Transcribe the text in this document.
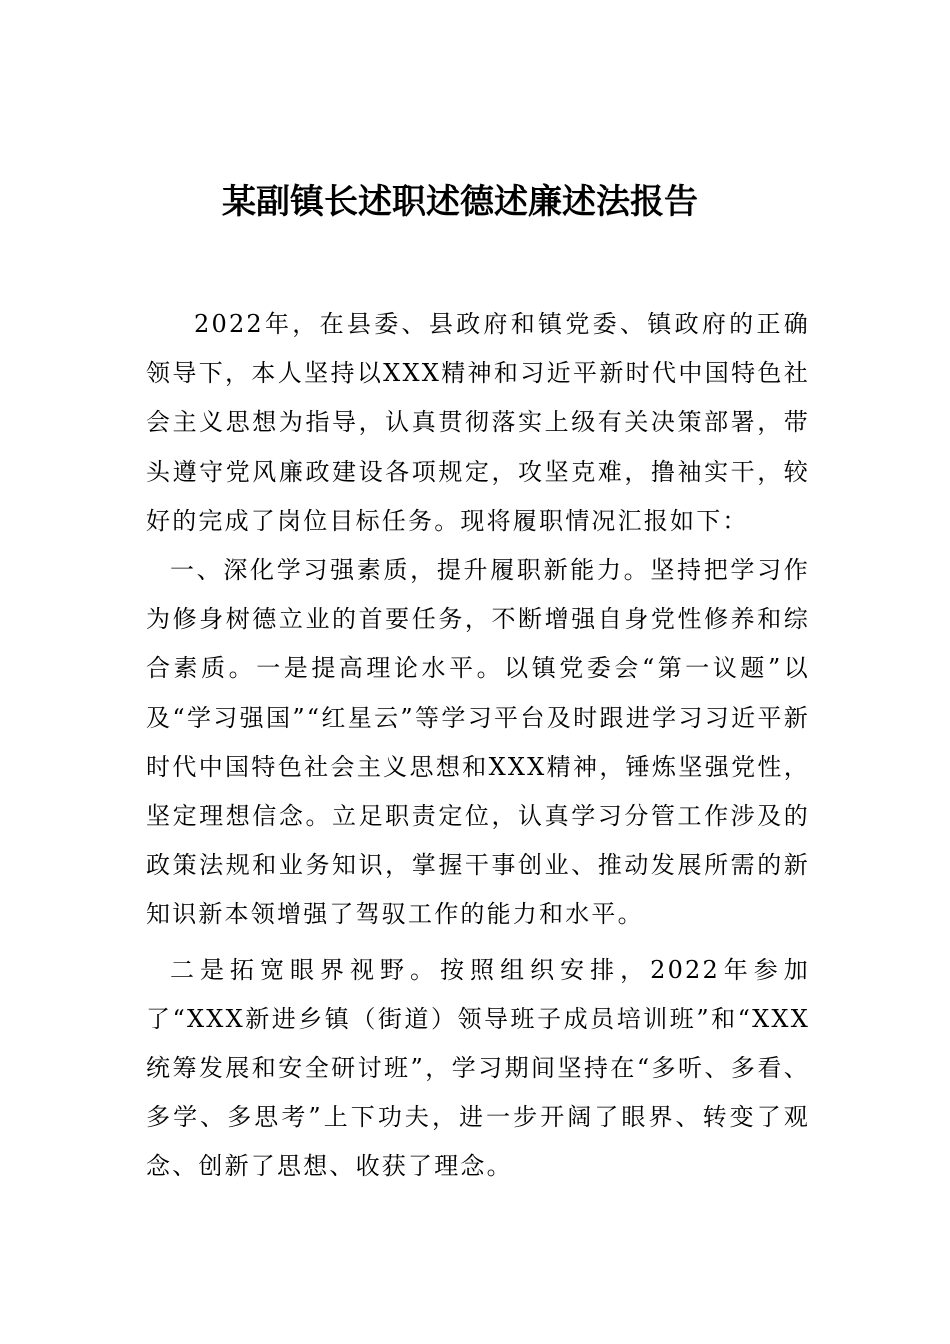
某副镇长述职述德述廉述法报告

2022年，在县委、县政府和镇党委、镇政府的正确领导下，本人坚持以XXX精神和习近平新时代中国特色社会主义思想为指导，认真贯彻落实上级有关决策部署，带头遵守党风廉政建设各项规定，攻坚克难，撸袖实干，较好的完成了岗位目标任务。现将履职情况汇报如下：

一、深化学习强素质，提升履职新能力。坚持把学习作为修身树德立业的首要任务，不断增强自身党性修养和综合素质。一是提高理论水平。以镇党委会“第一议题”以及“学习强国”“红星云”等学习平台及时跟进学习习近平新时代中国特色社会主义思想和XXX精神，锤炼坚强党性，坚定理想信念。立足职责定位，认真学习分管工作涉及的政策法规和业务知识，掌握干事创业、推动发展所需的新知识新本领增强了驾驭工作的能力和水平。

二是拓宽眼界视野。按照组织安排，2022年参加了“XXX新进乡镇（街道）领导班子成员培训班”和“XXX统筹发展和安全研讨班”，学习期间坚持在“多听、多看、多学、多思考”上下功夫，进一步开阔了眼界、转变了观念、创新了思想、收获了理念。
